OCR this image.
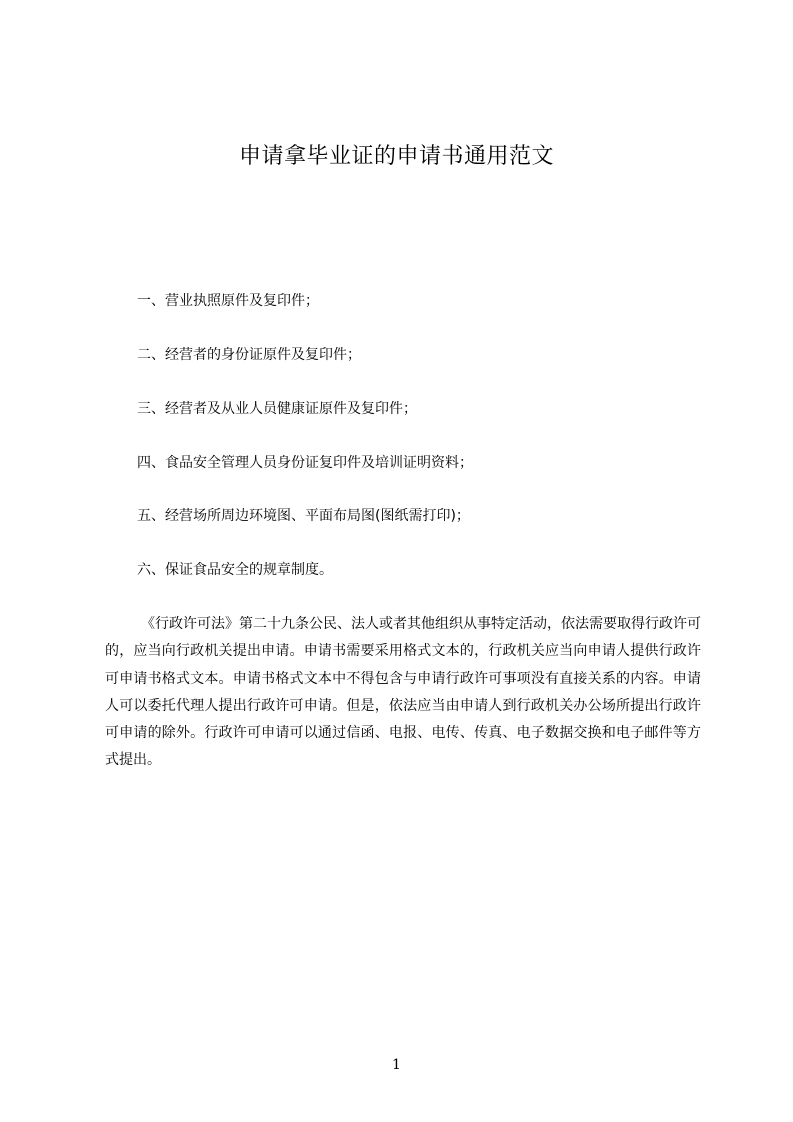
申请拿毕业证的申请书通用范文
一、营业执照原件及复印件；
二、经营者的身份证原件及复印件；
三、经营者及从业人员健康证原件及复印件；
四、食品安全管理人员身份证复印件及培训证明资料；
五、经营场所周边环境图、平面布局图(图纸需打印)；
六、保证食品安全的规章制度。
《行政许可法》第二十九条公民、法人或者其他组织从事特定活动，依法需要取得行政许可的，应当向行政机关提出申请。申请书需要采用格式文本的，行政机关应当向申请人提供行政许可申请书格式文本。申请书格式文本中不得包含与申请行政许可事项没有直接关系的内容。申请人可以委托代理人提出行政许可申请。但是，依法应当由申请人到行政机关办公场所提出行政许可申请的除外。行政许可申请可以通过信函、电报、电传、传真、电子数据交换和电子邮件等方式提出。
1
